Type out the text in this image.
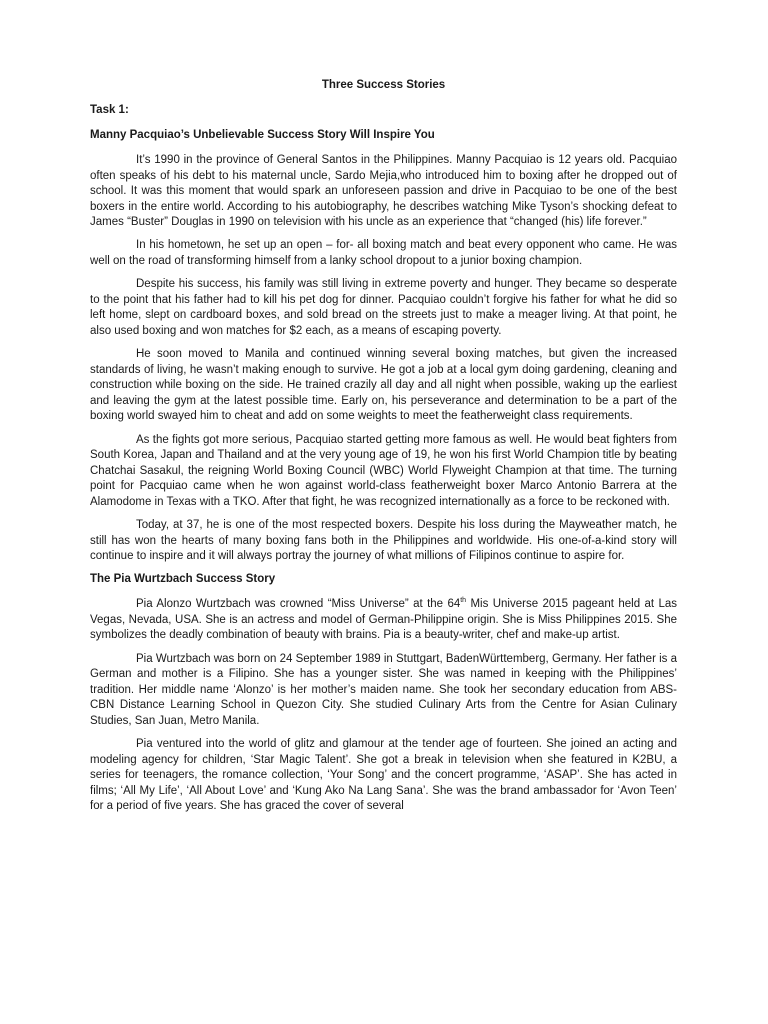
Three Success Stories
Task 1:
Manny Pacquiao’s Unbelievable Success Story Will Inspire You

It’s 1990 in the province of General Santos in the Philippines. Manny Pacquiao is 12 years old. Pacquiao often speaks of his debt to his maternal uncle, Sardo Mejia,who introduced him to boxing after he dropped out of school. It was this moment that would spark an unforeseen passion and drive in Pacquiao to be one of the best boxers in the entire world. According to his autobiography, he describes watching Mike Tyson’s shocking defeat to James “Buster” Douglas in 1990 on television with his uncle as an experience that “changed (his) life forever.”

In his hometown, he set up an open – for- all boxing match and beat every opponent who came. He was well on the road of transforming himself from a lanky school dropout to a junior boxing champion.

Despite his success, his family was still living in extreme poverty and hunger. They became so desperate to the point that his father had to kill his pet dog for dinner. Pacquiao couldn’t forgive his father for what he did so left home, slept on cardboard boxes, and sold bread on the streets just to make a meager living. At that point, he also used boxing and won matches for $2 each, as a means of escaping poverty.

He soon moved to Manila and continued winning several boxing matches, but given the increased standards of living, he wasn’t making enough to survive. He got a job at a local gym doing gardening, cleaning and construction while boxing on the side. He trained crazily all day and all night when possible, waking up the earliest and leaving the gym at the latest possible time. Early on, his perseverance and determination to be a part of the boxing world swayed him to cheat and add on some weights to meet the featherweight class requirements.

As the fights got more serious, Pacquiao started getting more famous as well. He would beat fighters from South Korea, Japan and Thailand and at the very young age of 19, he won his first World Champion title by beating Chatchai Sasakul, the reigning World Boxing Council (WBC) World Flyweight Champion at that time. The turning point for Pacquiao came when he won against world-class featherweight boxer Marco Antonio Barrera at the Alamodome in Texas with a TKO. After that fight, he was recognized internationally as a force to be reckoned with.

Today, at 37, he is one of the most respected boxers. Despite his loss during the Mayweather match, he still has won the hearts of many boxing fans both in the Philippines and worldwide. His one-of-a-kind story will continue to inspire and it will always portray the journey of what millions of Filipinos continue to aspire for.

The Pia Wurtzbach Success Story

Pia Alonzo Wurtzbach was crowned “Miss Universe” at the 64th Mis Universe 2015 pageant held at Las Vegas, Nevada, USA. She is an actress and model of German-Philippine origin. She is Miss Philippines 2015. She symbolizes the deadly combination of beauty with brains. Pia is a beauty-writer, chef and make-up artist.

Pia Wurtzbach was born on 24 September 1989 in Stuttgart, BadenWürttemberg, Germany. Her father is a German and mother is a Filipino. She has a younger sister. She was named in keeping with the Philippines’ tradition. Her middle name ‘Alonzo’ is her mother’s maiden name. She took her secondary education from ABS-CBN Distance Learning School in Quezon City. She studied Culinary Arts from the Centre for Asian Culinary Studies, San Juan, Metro Manila.

Pia ventured into the world of glitz and glamour at the tender age of fourteen. She joined an acting and modeling agency for children, ‘Star Magic Talent’. She got a break in television when she featured in K2BU, a series for teenagers, the romance collection, ‘Your Song’ and the concert programme, ‘ASAP’. She has acted in films; ‘All My Life’, ‘All About Love’ and ‘Kung Ako Na Lang Sana’. She was the brand ambassador for ‘Avon Teen’ for a period of five years. She has graced the cover of several
